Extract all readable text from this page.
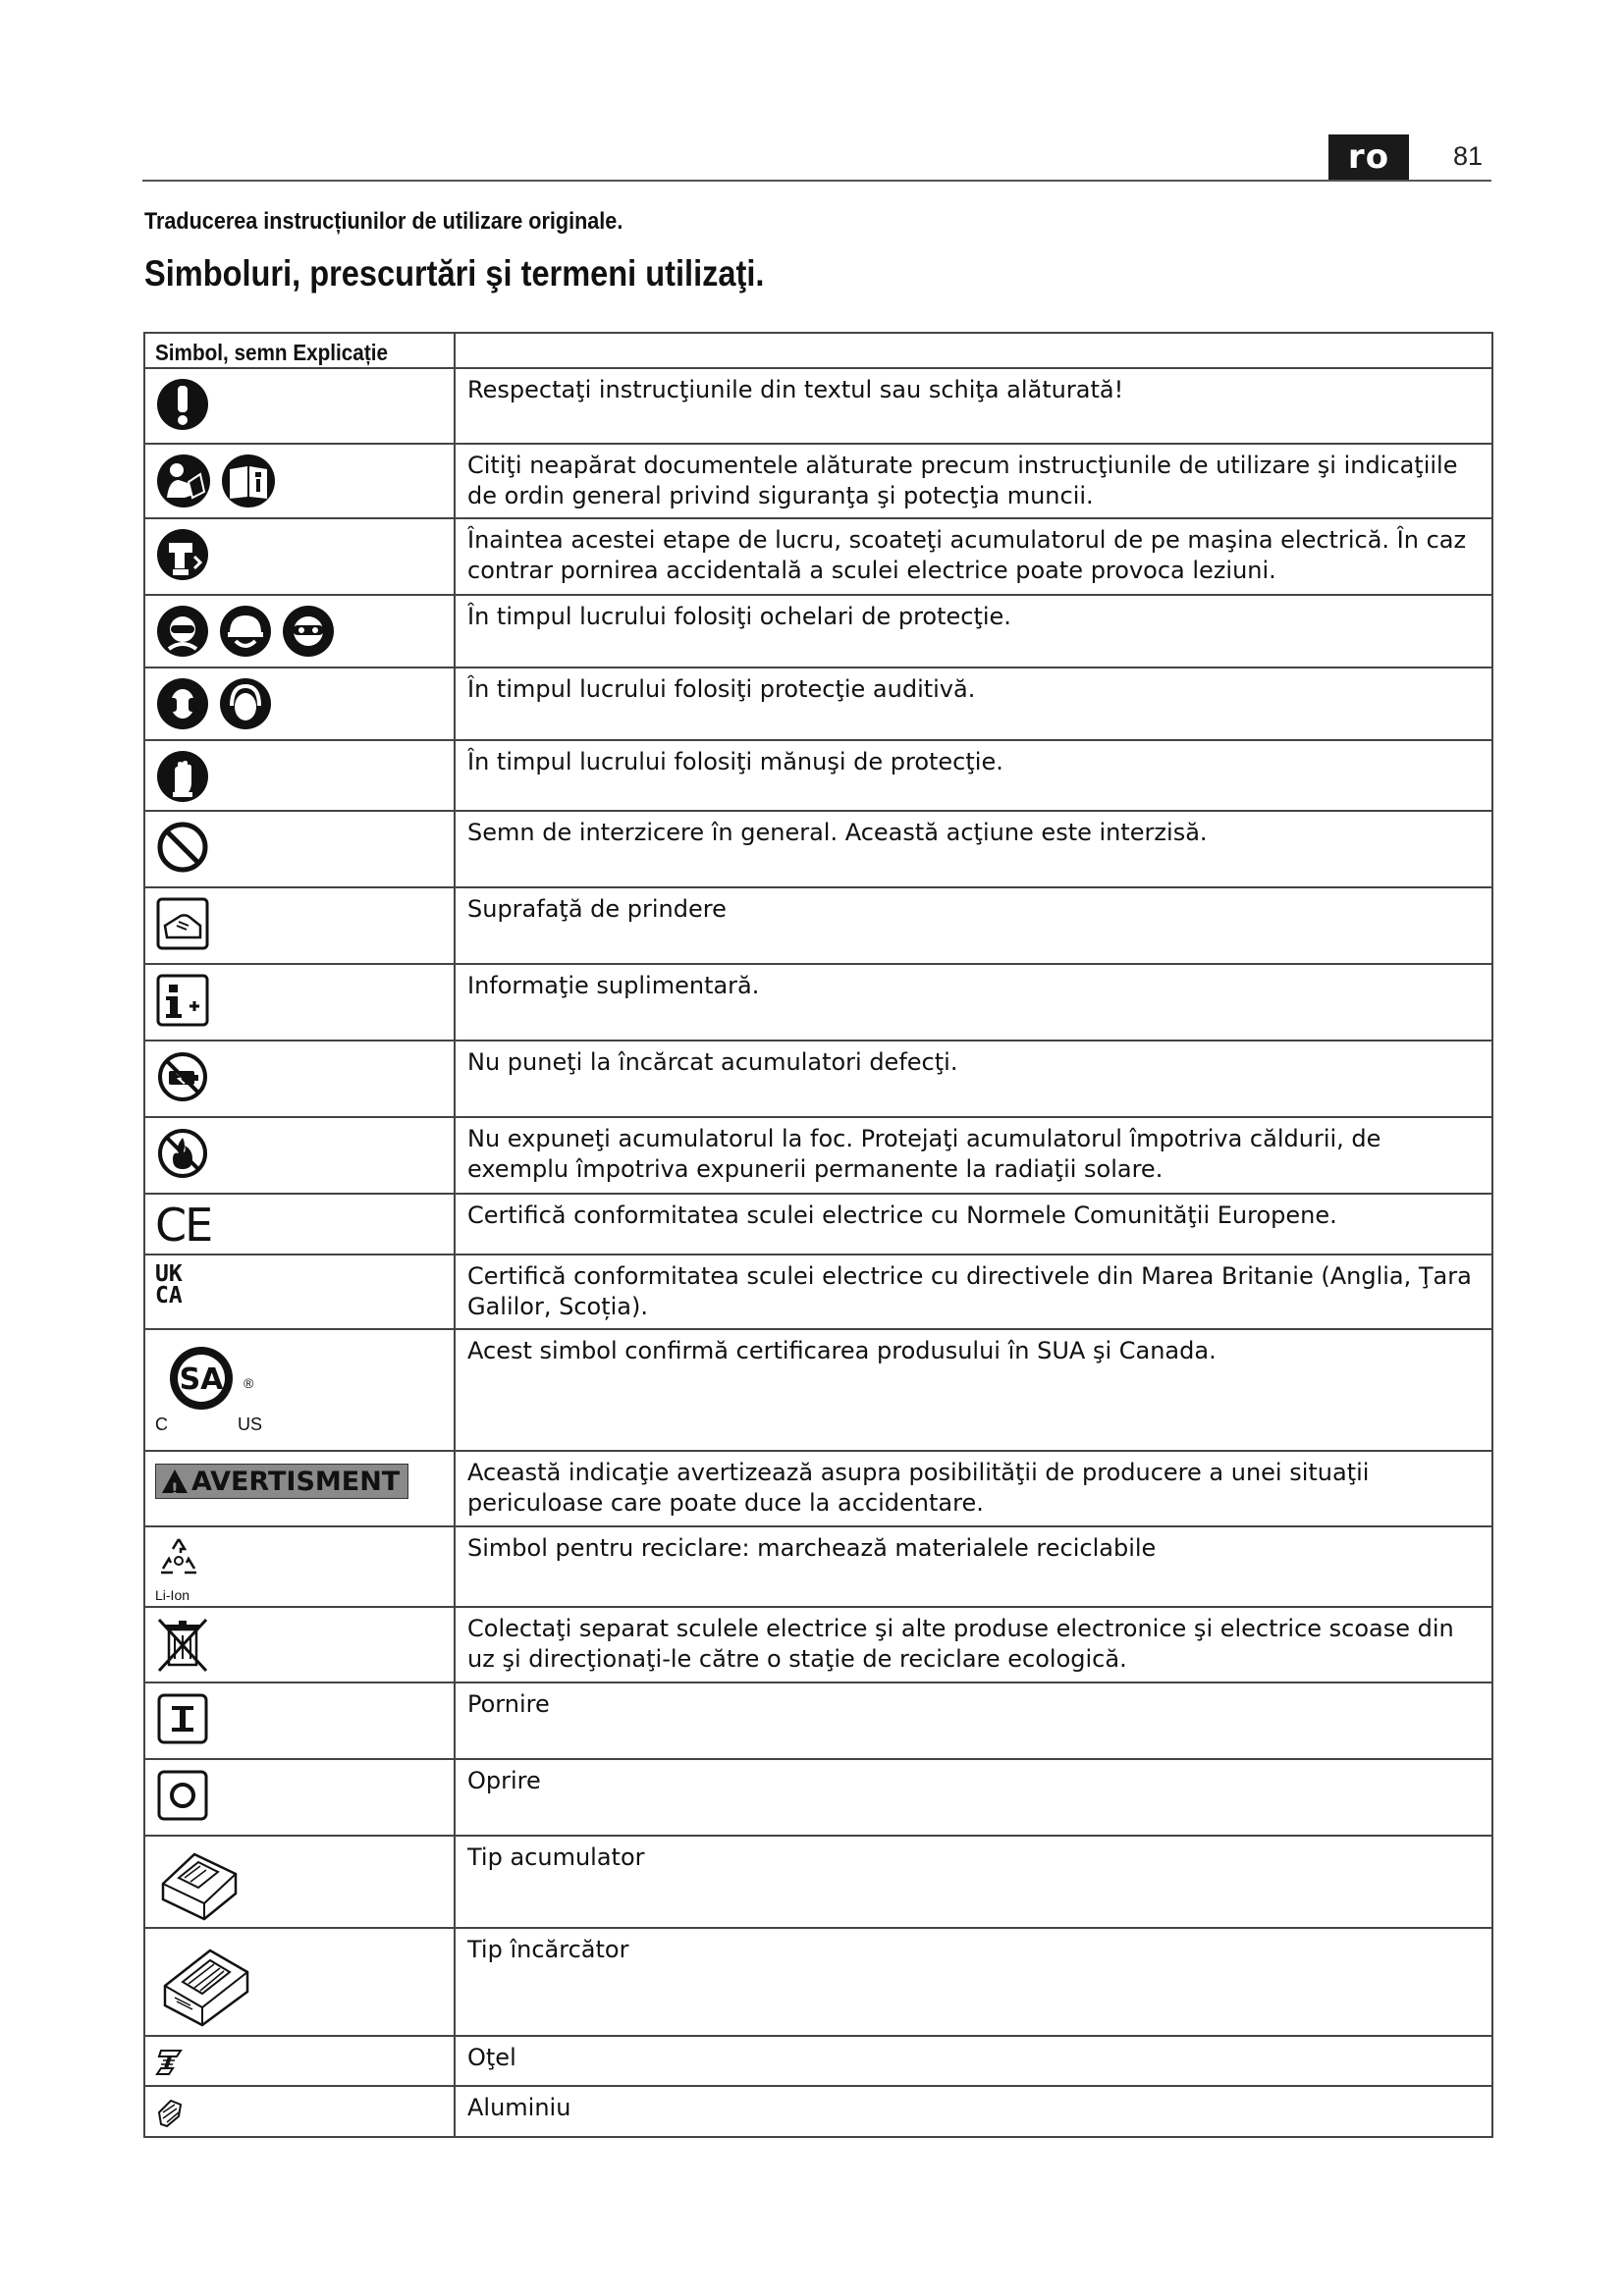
ro	81
Traducerea instrucțiunilor de utilizare originale.
Simboluri, prescurtări şi termeni utilizaţi.
Simbol, semn Explicație	

Respectaţi instrucţiunile din textul sau schiţa alăturată!

Citiţi neapărat documentele alăturate precum instrucţiunile de utilizare şi indicaţiile de ordin general privind siguranţa şi potecţia muncii.

Înaintea acestei etape de lucru, scoateţi acumulatorul de pe maşina electrică. În caz contrar pornirea accidentală a sculei electrice poate provoca leziuni.

În timpul lucrului folosiţi ochelari de protecţie.

În timpul lucrului folosiţi protecţie auditivă.

În timpul lucrului folosiţi mănuşi de protecţie.

Semn de interzicere în general. Această acţiune este interzisă.

Suprafaţă de prindere

Informaţie suplimentară.

Nu puneţi la încărcat acumulatori defecţi.

Nu expuneţi acumulatorul la foc. Protejaţi acumulatorul împotriva căldurii, de exemplu împotriva expunerii permanente la radiaţii solare.

CE	Certifică conformitatea sculei electrice cu Normele Comunităţii Europene.

UK
CA	Certifică conformitatea sculei electrice cu directivele din Marea Britanie (Anglia, Ţara Galilor, Scoția).

SA ®
C US	Acest simbol confirmă certificarea produsului în SUA şi Canada.

!AVERTISMENT	Această indicaţie avertizează asupra posibilităţii de producere a unei situaţii periculoase care poate duce la accidentare.

Li-Ion	Simbol pentru reciclare: marchează materialele reciclabile

Colectaţi separat sculele electrice şi alte produse electronice şi electrice scoase din uz şi direcţionaţi-le către o staţie de reciclare ecologică.

Pornire

Oprire

Tip acumulator

Tip încărcător

Oţel

Aluminiu
